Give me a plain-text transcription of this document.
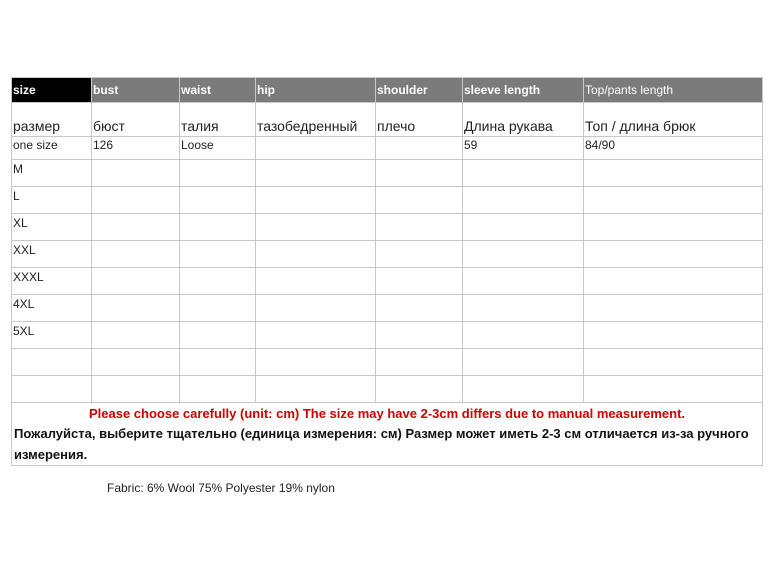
size	bust	waist	hip	shoulder	sleeve length	Top/pants length
размер	бюст	талия	тазобедренный	плечо	Длина рукава	Топ / длина брюк
one size	126	Loose			59	84/90
M						
L						
XL						
XXL						
XXXL						
4XL						
5XL						

Please choose carefully (unit: cm) The size may have 2-3cm differs due to manual measurement.
Пожалуйста, выберите тщательно (единица измерения: см) Размер может иметь 2-3 см отличается из-за ручного измерения.						
Fabric: 6% Wool 75% Polyester 19% nylon
